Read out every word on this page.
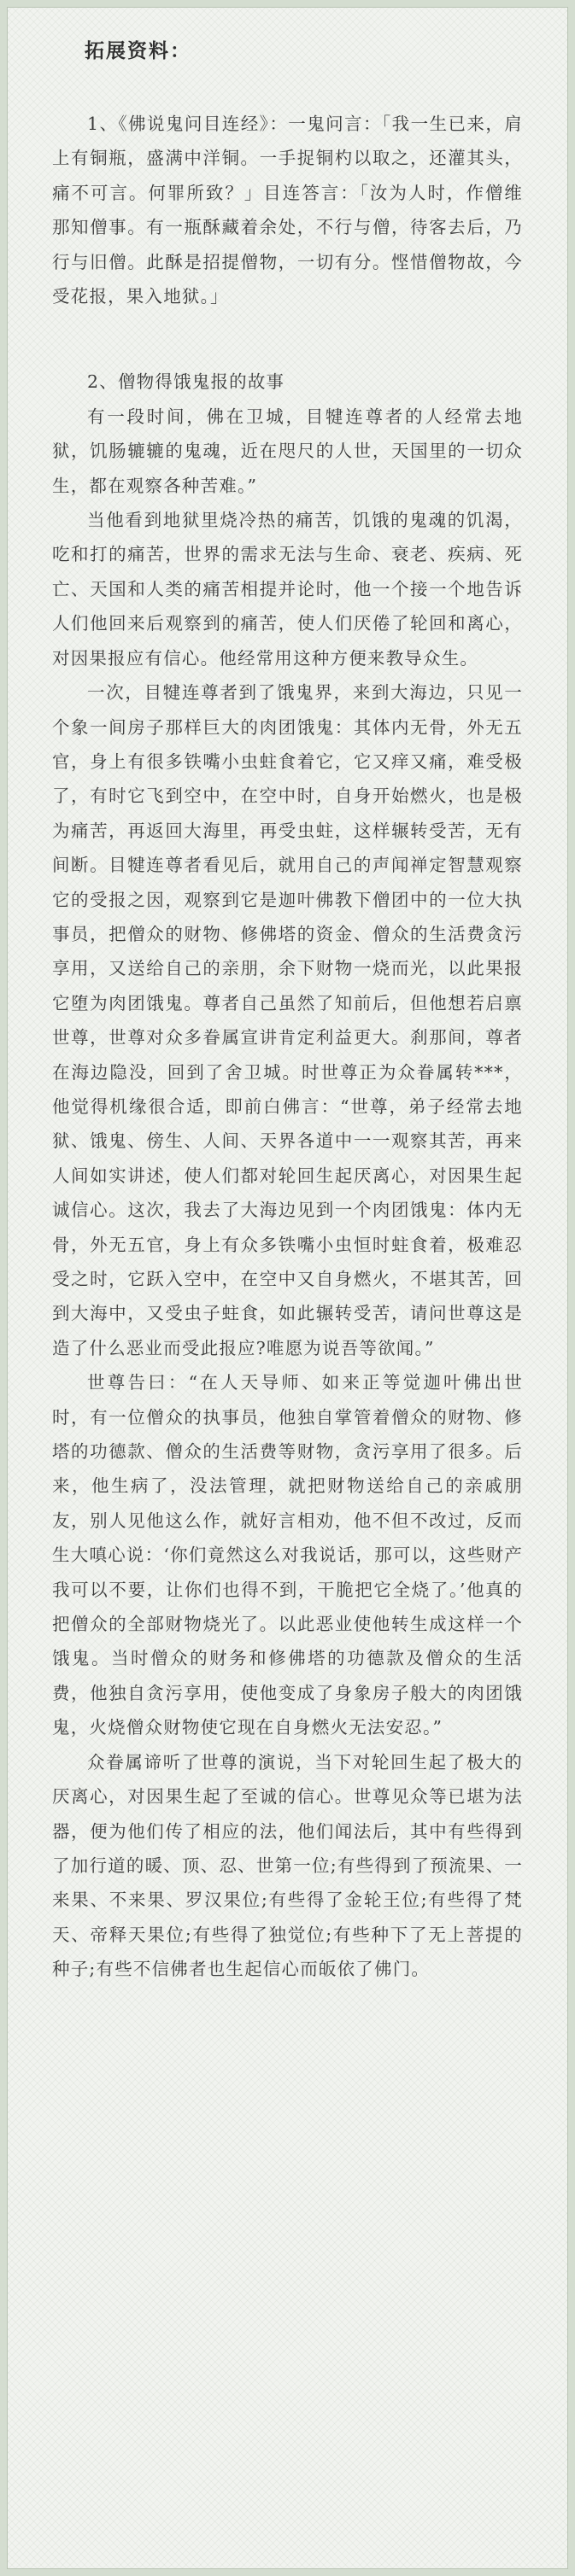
拓展资料：

1、《佛说鬼问目连经》：一鬼问言：「我一生已来，肩上有铜瓶，盛满中洋铜。一手捉铜杓以取之，还灌其头，痛不可言。何罪所致？」目连答言：「汝为人时，作僧维那知僧事。有一瓶酥藏着余处，不行与僧，待客去后，乃行与旧僧。此酥是招提僧物，一切有分。悭惜僧物故，今受花报，果入地狱。」

2、僧物得饿鬼报的故事

有一段时间，佛在卫城，目犍连尊者的人经常去地狱，饥肠辘辘的鬼魂，近在咫尺的人世，天国里的一切众生，都在观察各种苦难。”

当他看到地狱里烧冷热的痛苦，饥饿的鬼魂的饥渴，吃和打的痛苦，世界的需求无法与生命、衰老、疾病、死亡、天国和人类的痛苦相提并论时，他一个接一个地告诉人们他回来后观察到的痛苦，使人们厌倦了轮回和离心，对因果报应有信心。他经常用这种方便来教导众生。

一次，目犍连尊者到了饿鬼界，来到大海边，只见一个象一间房子那样巨大的肉团饿鬼：其体内无骨，外无五官，身上有很多铁嘴小虫蛀食着它，它又痒又痛，难受极了，有时它飞到空中，在空中时，自身开始燃火，也是极为痛苦，再返回大海里，再受虫蛀，这样辗转受苦，无有间断。目犍连尊者看见后，就用自己的声闻禅定智慧观察它的受报之因，观察到它是迦叶佛教下僧团中的一位大执事员，把僧众的财物、修佛塔的资金、僧众的生活费贪污享用，又送给自己的亲朋，余下财物一烧而光，以此果报它堕为肉团饿鬼。尊者自己虽然了知前后，但他想若启禀世尊，世尊对众多眷属宣讲肯定利益更大。刹那间，尊者在海边隐没，回到了舍卫城。时世尊正为众眷属转***，他觉得机缘很合适，即前白佛言：“世尊，弟子经常去地狱、饿鬼、傍生、人间、天界各道中一一观察其苦，再来人间如实讲述，使人们都对轮回生起厌离心，对因果生起诚信心。这次，我去了大海边见到一个肉团饿鬼：体内无骨，外无五官，身上有众多铁嘴小虫恒时蛀食着，极难忍受之时，它跃入空中，在空中又自身燃火，不堪其苦，回到大海中，又受虫子蛀食，如此辗转受苦，请问世尊这是造了什么恶业而受此报应?唯愿为说吾等欲闻。”

世尊告曰：“在人天导师、如来正等觉迦叶佛出世时，有一位僧众的执事员，他独自掌管着僧众的财物、修塔的功德款、僧众的生活费等财物，贪污享用了很多。后来，他生病了，没法管理，就把财物送给自己的亲戚朋友，别人见他这么作，就好言相劝，他不但不改过，反而生大嗔心说：‘你们竟然这么对我说话，那可以，这些财产我可以不要，让你们也得不到，干脆把它全烧了。’他真的把僧众的全部财物烧光了。以此恶业使他转生成这样一个饿鬼。当时僧众的财务和修佛塔的功德款及僧众的生活费，他独自贪污享用，使他变成了身象房子般大的肉团饿鬼，火烧僧众财物使它现在自身燃火无法安忍。”

众眷属谛听了世尊的演说，当下对轮回生起了极大的厌离心，对因果生起了至诚的信心。世尊见众等已堪为法器，便为他们传了相应的法，他们闻法后，其中有些得到了加行道的暖、顶、忍、世第一位;有些得到了预流果、一来果、不来果、罗汉果位;有些得了金轮王位;有些得了梵天、帝释天果位;有些得了独觉位;有些种下了无上菩提的种子;有些不信佛者也生起信心而皈依了佛门。
